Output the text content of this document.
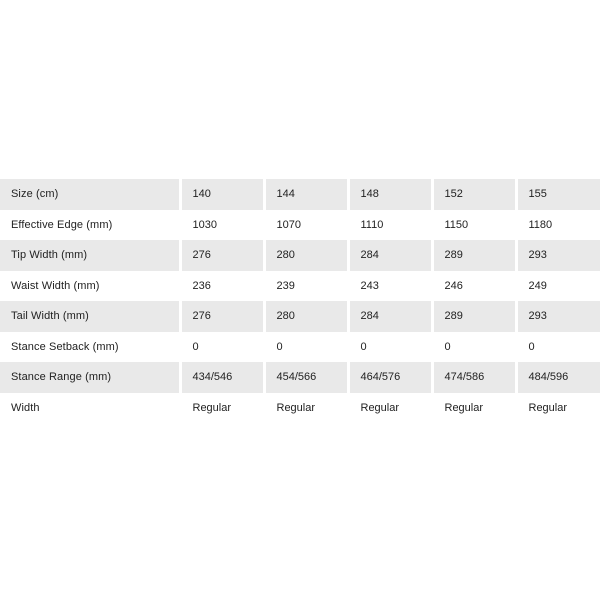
Size (cm)	140	144	148	152	155
Effective Edge (mm)	1030	1070	1110	1150	1180
Tip Width (mm)	276	280	284	289	293
Waist Width (mm)	236	239	243	246	249
Tail Width (mm)	276	280	284	289	293
Stance Setback (mm)	0	0	0	0	0
Stance Range (mm)	434/546	454/566	464/576	474/586	484/596
Width	Regular	Regular	Regular	Regular	Regular
